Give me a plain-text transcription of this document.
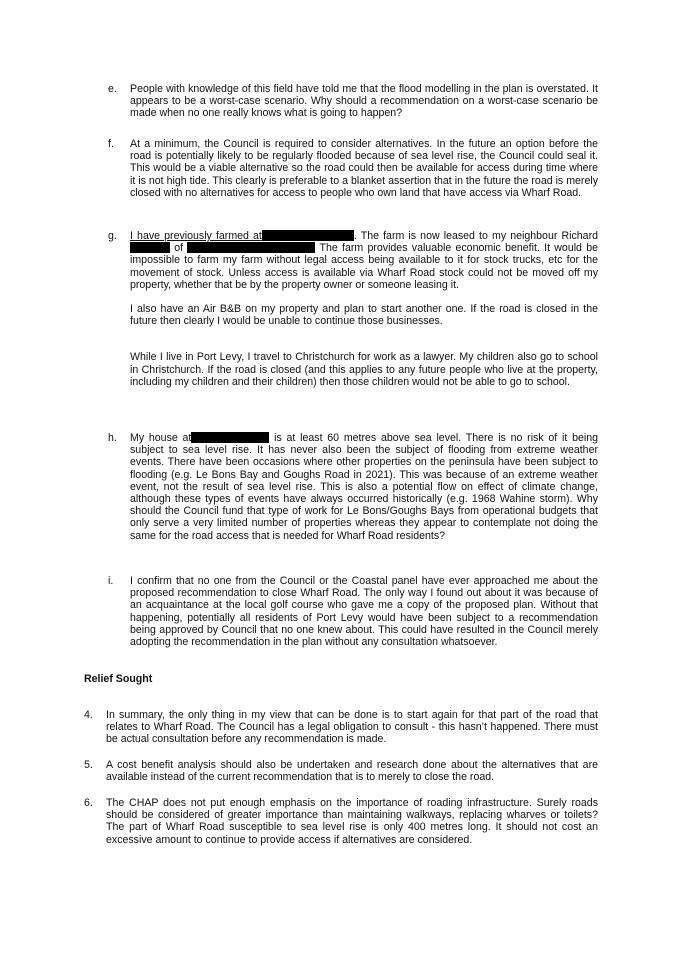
e. People with knowledge of this field have told me that the flood modelling in the plan is overstated. It appears to be a worst-case scenario. Why should a recommendation on a worst-case scenario be made when no one really knows what is going to happen?

f. At a minimum, the Council is required to consider alternatives. In the future an option before the road is potentially likely to be regularly flooded because of sea level rise, the Council could seal it. This would be a viable alternative so the road could then be available for access during time where it is not high tide. This clearly is preferable to a blanket assertion that in the future the road is merely closed with no alternatives for access to people who own land that have access via Wharf Road.

g. I have previously farmed at	. The farm is now leased to my neighbour Richard  of	The farm provides valuable economic benefit. It would be impossible to farm my farm without legal access being available to it for stock trucks, etc for the movement of stock. Unless access is available via Wharf Road stock could not be moved off my property, whether that be by the property owner or someone leasing it.

I also have an Air B&B on my property and plan to start another one. If the road is closed in the future then clearly I would be unable to continue those businesses.

While I live in Port Levy, I travel to Christchurch for work as a lawyer. My children also go to school in Christchurch. If the road is closed (and this applies to any future people who live at the property, including my children and their children) then those children would not be able to go to school.

h. My house at	is at least 60 metres above sea level. There is no risk of it being subject to sea level rise. It has never also been the subject of flooding from extreme weather events. There have been occasions where other properties on the peninsula have been subject to flooding (e.g. Le Bons Bay and Goughs Road in 2021). This was because of an extreme weather event, not the result of sea level rise. This is also a potential flow on effect of climate change, although these types of events have always occurred historically (e.g. 1968 Wahine storm). Why should the Council fund that type of work for Le Bons/Goughs Bays from operational budgets that only serve a very limited number of properties whereas they appear to contemplate not doing the same for the road access that is needed for Wharf Road residents?

i. I confirm that no one from the Council or the Coastal panel have ever approached me about the proposed recommendation to close Wharf Road. The only way I found out about it was because of an acquaintance at the local golf course who gave me a copy of the proposed plan. Without that happening, potentially all residents of Port Levy would have been subject to a recommendation being approved by Council that no one knew about. This could have resulted in the Council merely adopting the recommendation in the plan without any consultation whatsoever.

Relief Sought
4. In summary, the only thing in my view that can be done is to start again for that part of the road that relates to Wharf Road. The Council has a legal obligation to consult - this hasn’t happened. There must be actual consultation before any recommendation is made.
5. A cost benefit analysis should also be undertaken and research done about the alternatives that are available instead of the current recommendation that is to merely to close the road.
6. The CHAP does not put enough emphasis on the importance of roading infrastructure. Surely roads should be considered of greater importance than maintaining walkways, replacing wharves or toilets? The part of Wharf Road susceptible to sea level rise is only 400 metres long. It should not cost an excessive amount to continue to provide access if alternatives are considered.
